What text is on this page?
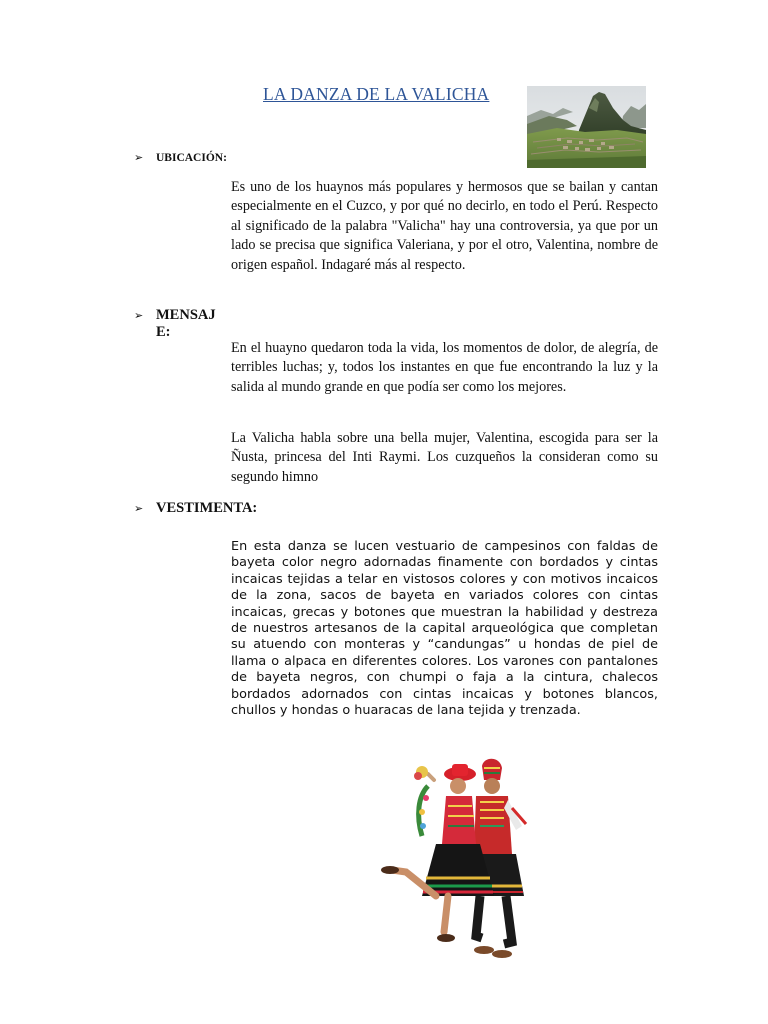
LA DANZA DE LA VALICHA
➢	UBICACIÓN:

Es uno de los huaynos más populares y hermosos que se bailan y cantan especialmente en el Cuzco, y por qué no decirlo, en todo el Perú. Respecto al significado de la palabra "Valicha" hay una controversia, ya que por un lado se precisa que significa Valeriana, y por el otro, Valentina, nombre de origen español. Indagaré más al respecto.

➢ MENSAJ
E:

En el huayno quedaron toda la vida, los momentos de dolor, de alegría, de terribles luchas; y, todos los instantes en que fue encontrando la luz y la salida al mundo grande en que podía ser como los mejores.

La Valicha habla sobre una bella mujer, Valentina, escogida para ser la Ñusta, princesa del Inti Raymi. Los cuzqueños la consideran como su segundo himno

➢ VESTIMENTA:

En esta danza se lucen vestuario de campesinos con faldas de bayeta color negro adornadas finamente con bordados y cintas incaicas tejidas a telar en vistosos colores y con motivos incaicos de la zona, sacos de bayeta en variados colores con cintas incaicas, grecas y botones que muestran la habilidad y destreza de nuestros artesanos de la capital arqueológica que completan su atuendo con monteras y “candungas” u hondas de piel de llama o alpaca en diferentes colores. Los varones con pantalones de bayeta negros, con chumpi o faja a la cintura, chalecos bordados adornados con cintas incaicas y botones blancos, chullos y hondas o huaracas de lana tejida y trenzada.
